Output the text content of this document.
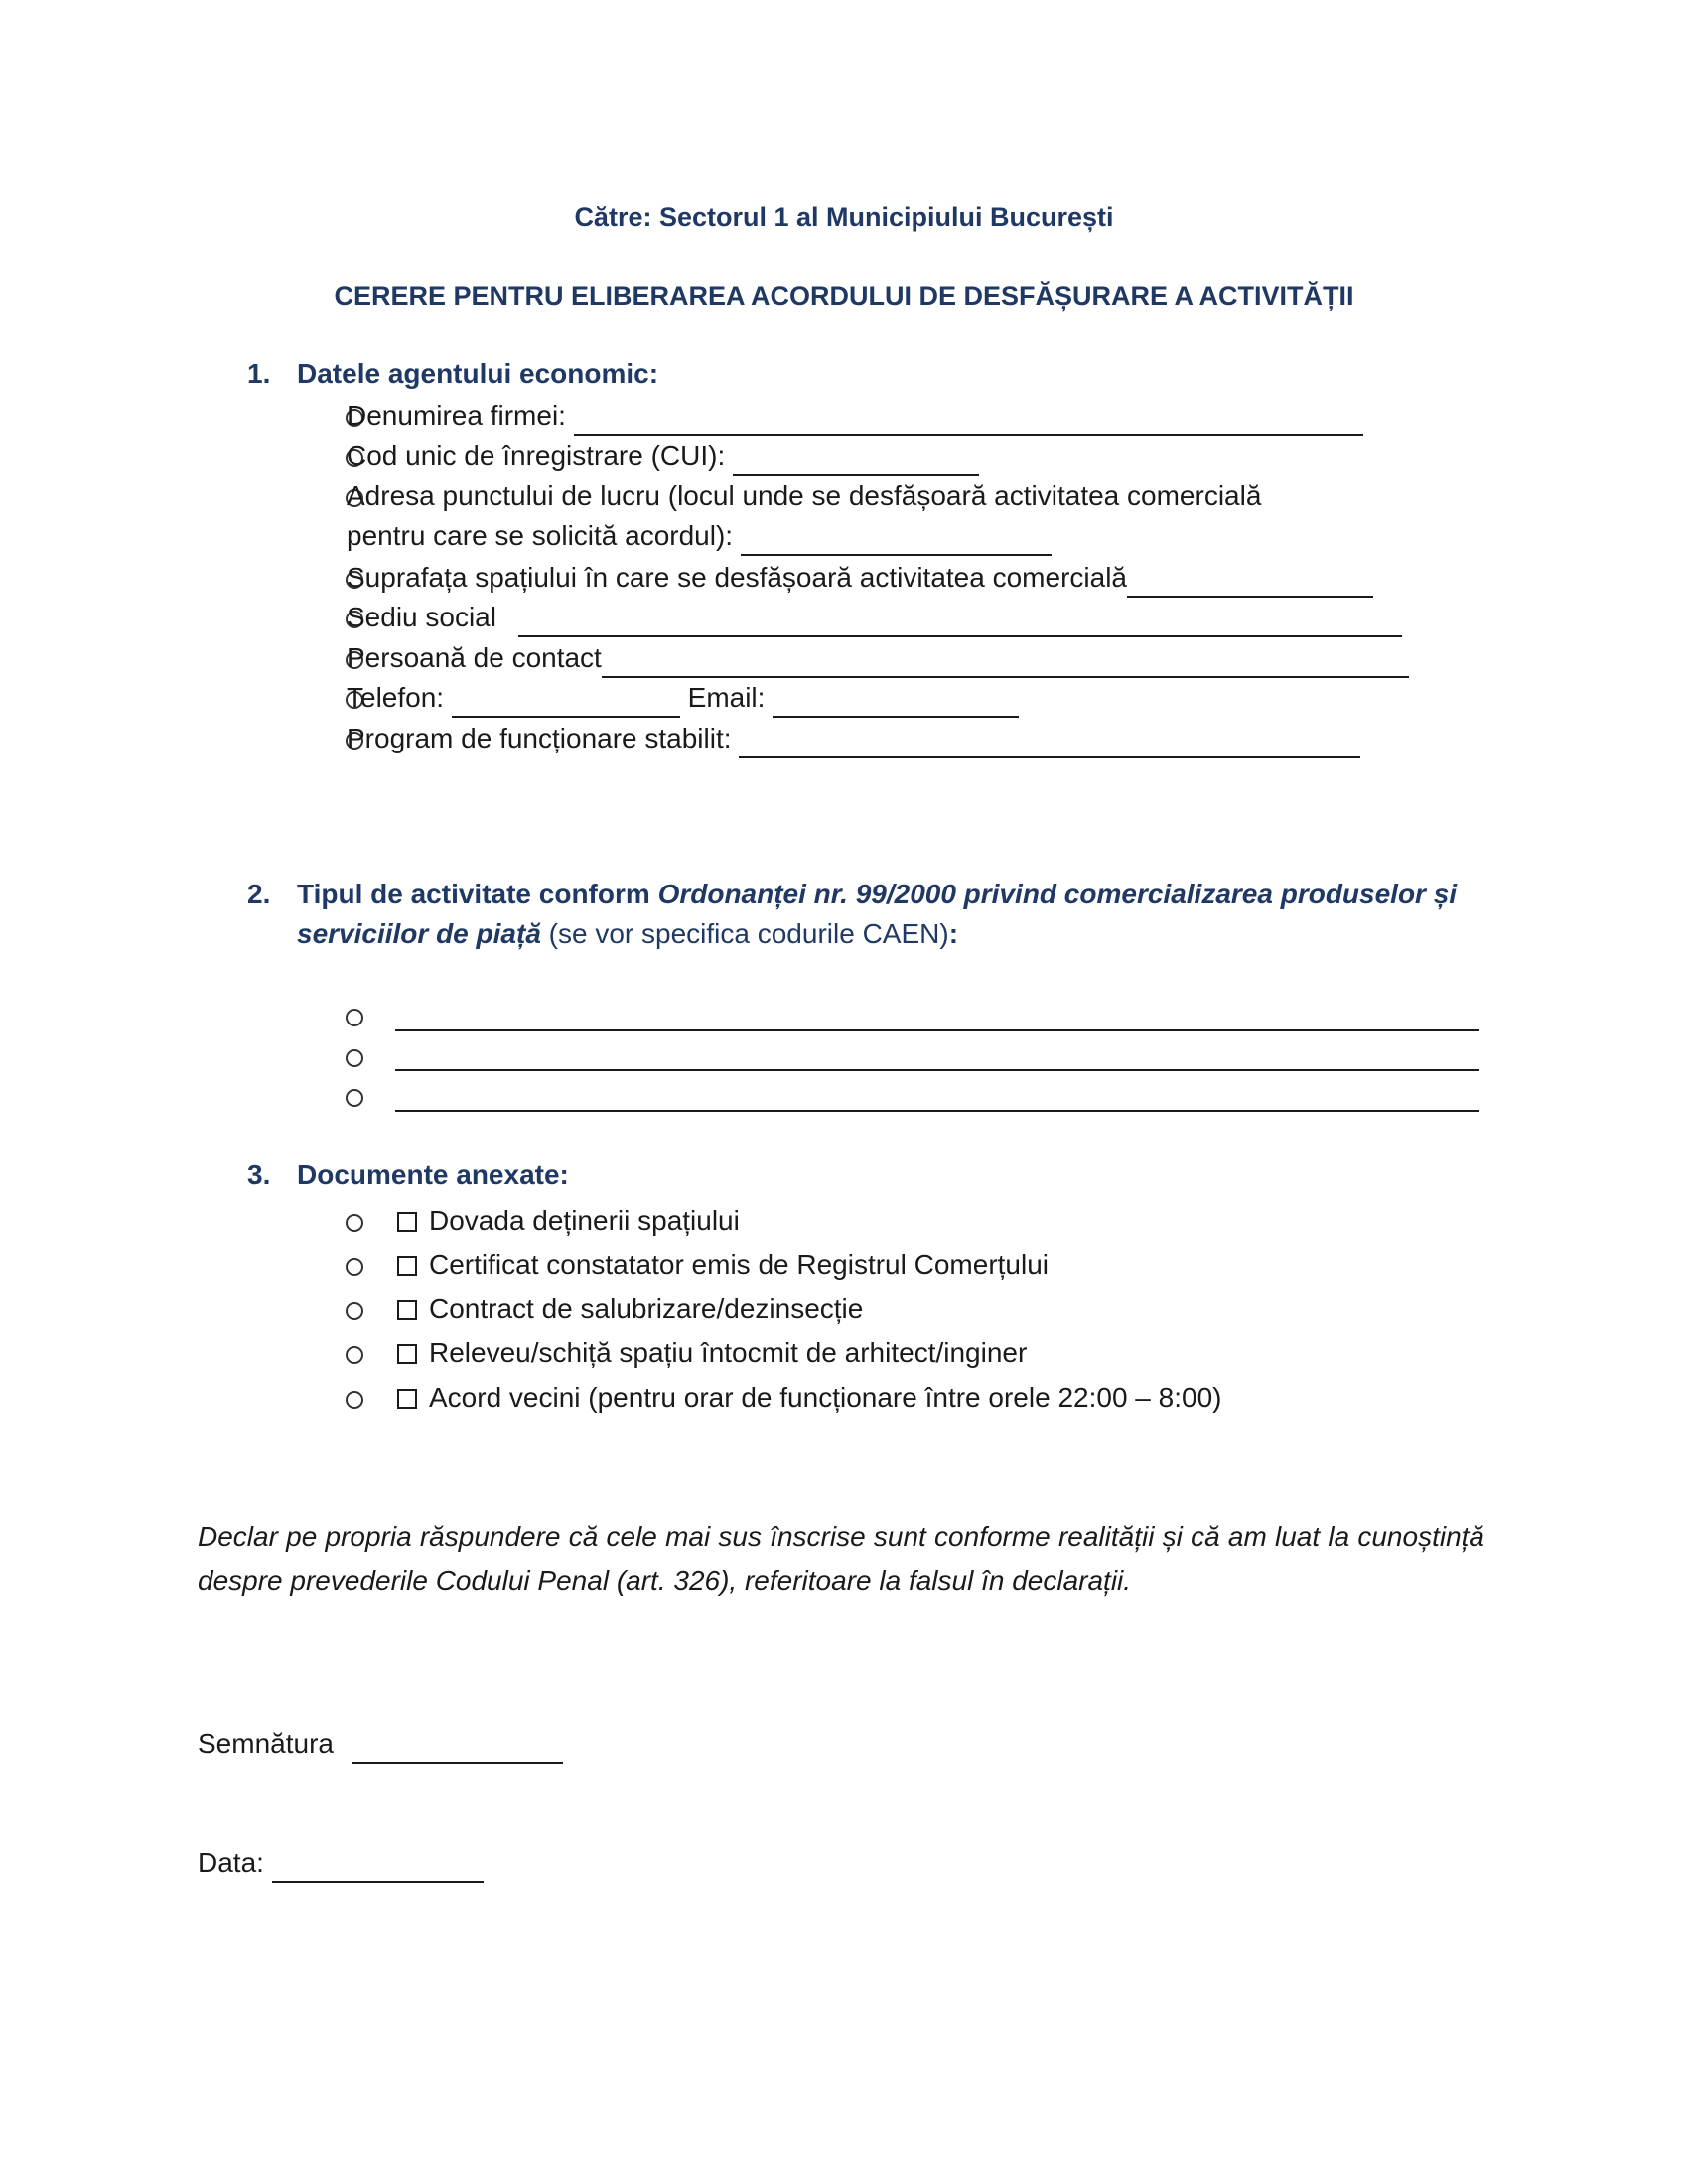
Către: Sectorul 1 al Municipiului București
CERERE PENTRU ELIBERAREA ACORDULUI DE DESFĂȘURARE A ACTIVITĂȚII
1. Datele agentului economic:
Denumirea firmei:
Cod unic de înregistrare (CUI):
Adresa punctului de lucru (locul unde se desfășoară activitatea comercială
pentru care se solicită acordul):
Suprafața spațiului în care se desfășoară activitatea comercială
Sediu social
Persoană de contact
Telefon:	Email:
Program de funcționare stabilit:
2. Tipul de activitate conform Ordonanței nr. 99/2000 privind comercializarea produselor și serviciilor de piață (se vor specifica codurile CAEN):
3. Documente anexate:
Dovada deținerii spațiului
Certificat constatator emis de Registrul Comerțului
Contract de salubrizare/dezinsecție
Releveu/schiță spațiu întocmit de arhitect/inginer
Acord vecini (pentru orar de funcționare între orele 22:00 – 8:00)
Declar pe propria răspundere că cele mai sus înscrise sunt conforme realității și că am luat la cunoștință despre prevederile Codului Penal (art. 326), referitoare la falsul în declarații.
Semnătura
Data:
